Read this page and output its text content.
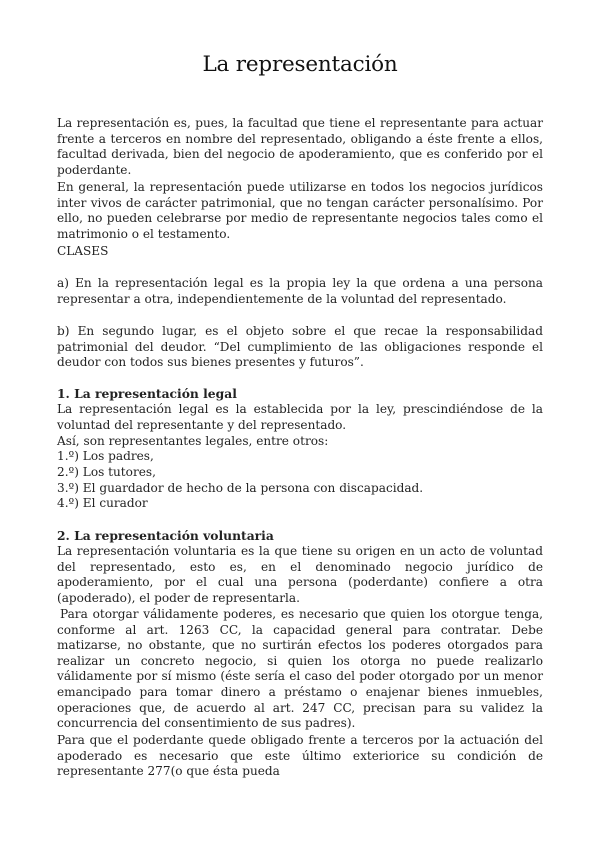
La representación

La representación es, pues, la facultad que tiene el representante para actuar frente a terceros en nombre del representado, obligando a éste frente a ellos, facultad derivada, bien del negocio de apoderamiento, que es conferido por el poderdante.

En general, la representación puede utilizarse en todos los negocios jurídicos inter vivos de carácter patrimonial, que no tengan carácter personalísimo. Por ello, no pueden celebrarse por medio de representante negocios tales como el matrimonio o el testamento.

CLASES

a) En la representación legal es la propia ley la que ordena a una persona representar a otra, independientemente de la voluntad del representado.

b) En segundo lugar, es el objeto sobre el que recae la responsabilidad patrimonial del deudor. “Del cumplimiento de las obligaciones responde el deudor con todos sus bienes presentes y futuros”.

1. La representación legal

La representación legal es la establecida por la ley, prescindiéndose de la voluntad del representante y del representado.

Así, son representantes legales, entre otros:

1.º) Los padres,
2.º) Los tutores,
3.º) El guardador de hecho de la persona con discapacidad.
4.º) El curador

2. La representación voluntaria

La representación voluntaria es la que tiene su origen en un acto de voluntad del representado, esto es, en el denominado negocio jurídico de apoderamiento, por el cual una persona (poderdante) confiere a otra (apoderado), el poder de representarla.

Para otorgar válidamente poderes, es necesario que quien los otorgue tenga, conforme al art. 1263 CC, la capacidad general para contratar. Debe matizarse, no obstante, que no surtirán efectos los poderes otorgados para realizar un concreto negocio, si quien los otorga no puede realizarlo válidamente por sí mismo (éste sería el caso del poder otorgado por un menor emancipado para tomar dinero a préstamo o enajenar bienes inmuebles, operaciones que, de acuerdo al art. 247 CC, precisan para su validez la concurrencia del consentimiento de sus padres).

Para que el poderdante quede obligado frente a terceros por la actuación del apoderado es necesario que este último exteriorice su condición de representante 277(o que ésta pueda
